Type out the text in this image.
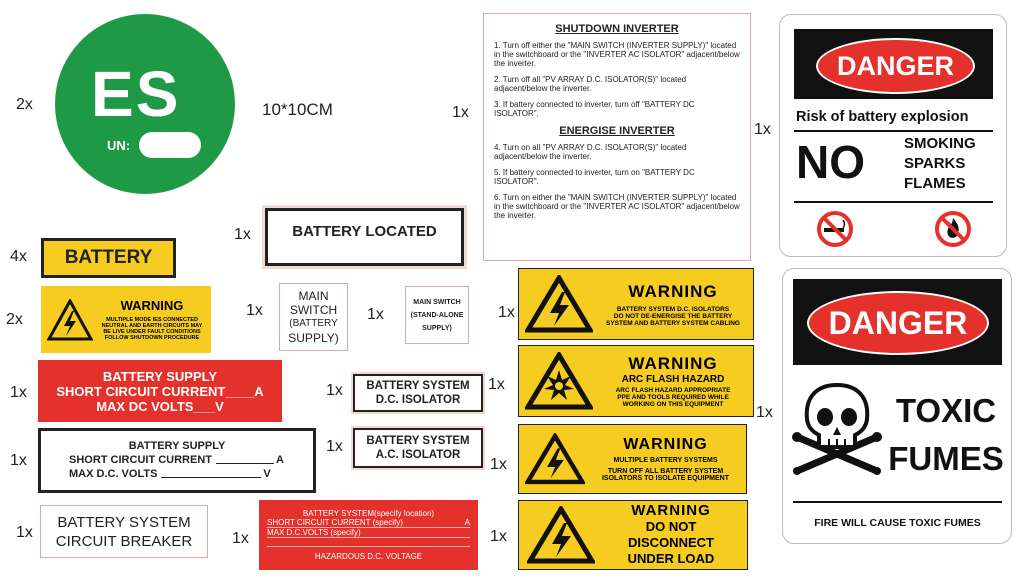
2x ES
UN:
10*10CM
4x	BATTERY
2x
WARNING
MULTIPLE MODE IES CONNECTED
NEUTRAL AND EARTH CIRCUITS MAY
BE LIVE UNDER FAULT CONDITIONS
FOLLOW SHUTDOWN PROCEDURE
1x
BATTERY SUPPLY
SHORT CIRCUIT CURRENT____A
MAX DC VOLTS___V
1x
BATTERY SUPPLY
SHORT CIRCUIT CURRENT	A
MAX D.C. VOLTS	V
1x
BATTERY SYSTEM
CIRCUIT BREAKER
1x	BATTERY LOCATED
1x
MAIN
SWITCH
(BATTERY
SUPPLY)
1x
MAIN SWITCH
(STAND-ALONE
SUPPLY)
1x BATTERY SYSTEM
D.C. ISOLATOR
1x BATTERY SYSTEM
A.C. ISOLATOR
1x
BATTERY SYSTEM(specify location)
SHORT CIRCUIT CURRENT (specify)	A
MAX D.C.VOLTS (specify)
HAZARDOUS D.C. VOLTAGE
1x
SHUTDOWN INVERTER

1. Turn off either the "MAIN SWITCH (INVERTER SUPPLY)" located in the switchboard or the "INVERTER AC ISOLATOR" adjacent/below the inverter.

2. Turn off all "PV ARRAY D.C. ISOLATOR(S)" located adjacent/below the inverter.

3. If battery connected to inverter, turn off "BATTERY DC ISOLATOR".

ENERGISE INVERTER

4. Turn on all "PV ARRAY D.C. ISOLATOR(S)" located adjacent/below the inverter.

5. If battery connected to inverter, turn on "BATTERY DC ISOLATOR".

6. Turn on either the "MAIN SWITCH (INVERTER SUPPLY)" located in the switchboard or the "INVERTER AC ISOLATOR" adjacent/below the inverter.

1x
WARNING
BATTERY SYSTEM D.C. ISOLATORS
DO NOT DE-ENERGISE THE BATTERY
SYSTEM AND BATTERY SYSTEM CABLING
1x
WARNING
ARC FLASH HAZARD
ARC FLASH HAZARD APPROPRIATE
PPE AND TOOLS REQUIRED WHILE
WORKING ON THIS EQUIPMENT
1x
WARNING
MULTIPLE BATTERY SYSTEMS
TURN OFF ALL BATTERY SYSTEM
ISOLATORS TO ISOLATE EQUIPMENT
1x
WARNING
DO NOT
DISCONNECT
UNDER LOAD
1x
DANGER
Risk of battery explosion
NO	SMOKING
SPARKS
FLAMES
1x
DANGER
TOXIC
FUMES
FIRE WILL CAUSE TOXIC FUMES
